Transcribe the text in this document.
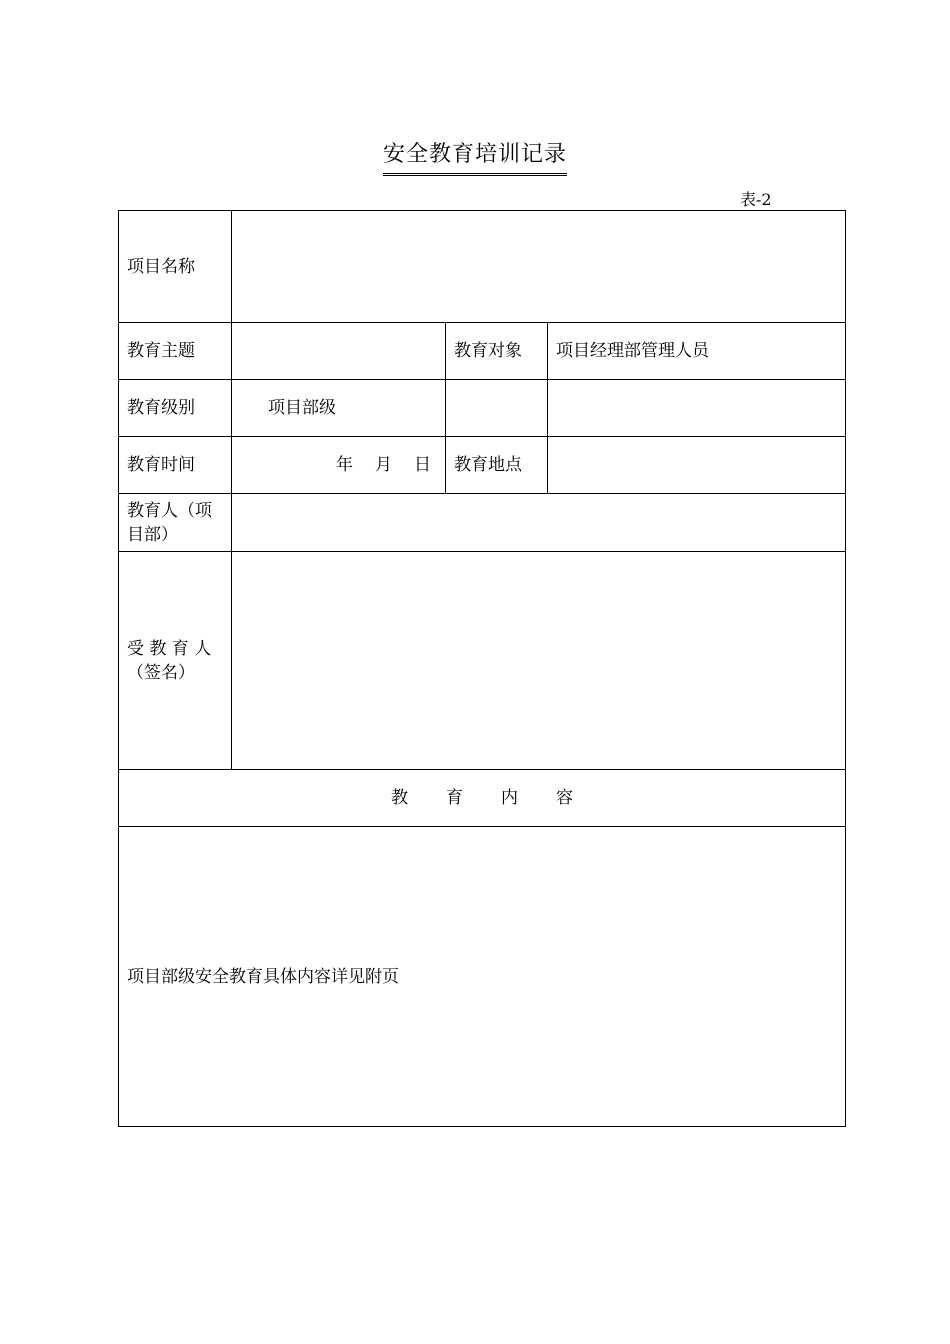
安全教育培训记录
表-2
项目名称			
教育主题		教育对象	项目经理部管理人员
教育级别	项目部级		
教育时间	年 月 日	教育地点	
教育人（项目部）			
受 教 育 人（签名）			
教 育 内 容			
项目部级安全教育具体内容详见附页			
